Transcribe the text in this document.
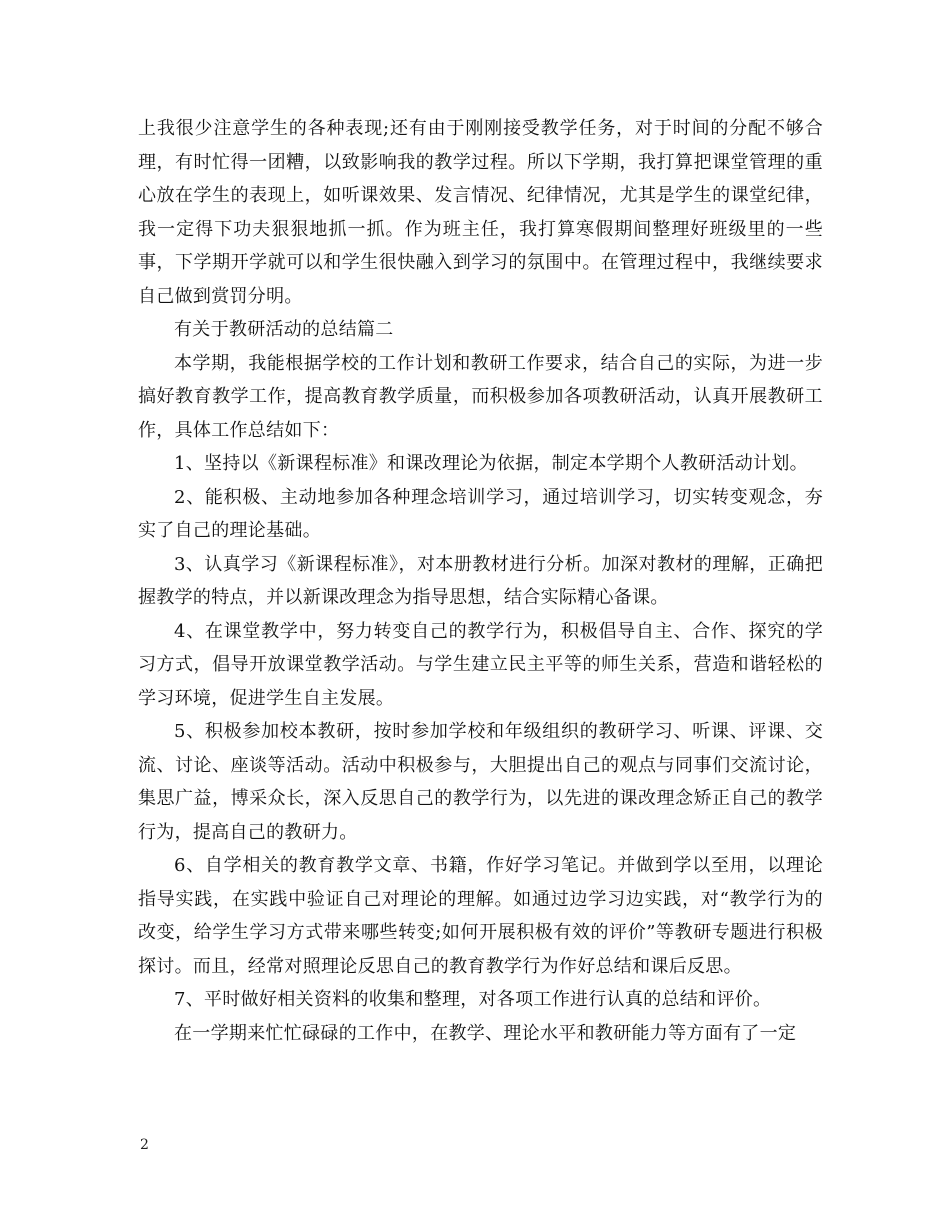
上我很少注意学生的各种表现;还有由于刚刚接受教学任务，对于时间的分配不够合理，有时忙得一团糟，以致影响我的教学过程。所以下学期，我打算把课堂管理的重心放在学生的表现上，如听课效果、发言情况、纪律情况，尤其是学生的课堂纪律，我一定得下功夫狠狠地抓一抓。作为班主任，我打算寒假期间整理好班级里的一些事，下学期开学就可以和学生很快融入到学习的氛围中。在管理过程中，我继续要求自己做到赏罚分明。

有关于教研活动的总结篇二

本学期，我能根据学校的工作计划和教研工作要求，结合自己的实际，为进一步搞好教育教学工作，提高教育教学质量，而积极参加各项教研活动，认真开展教研工作，具体工作总结如下：

1、坚持以《新课程标准》和课改理论为依据，制定本学期个人教研活动计划。

2、能积极、主动地参加各种理念培训学习，通过培训学习，切实转变观念，夯实了自己的理论基础。

3、认真学习《新课程标准》，对本册教材进行分析。加深对教材的理解，正确把握教学的特点，并以新课改理念为指导思想，结合实际精心备课。

4、在课堂教学中，努力转变自己的教学行为，积极倡导自主、合作、探究的学习方式，倡导开放课堂教学活动。与学生建立民主平等的师生关系，营造和谐轻松的学习环境，促进学生自主发展。

5、积极参加校本教研，按时参加学校和年级组织的教研学习、听课、评课、交流、讨论、座谈等活动。活动中积极参与，大胆提出自己的观点与同事们交流讨论，集思广益，博采众长，深入反思自己的教学行为，以先进的课改理念矫正自己的教学行为，提高自己的教研力。

6、自学相关的教育教学文章、书籍，作好学习笔记。并做到学以至用，以理论指导实践，在实践中验证自己对理论的理解。如通过边学习边实践，对“教学行为的改变，给学生学习方式带来哪些转变;如何开展积极有效的评价”等教研专题进行积极探讨。而且，经常对照理论反思自己的教育教学行为作好总结和课后反思。

7、平时做好相关资料的收集和整理，对各项工作进行认真的总结和评价。

在一学期来忙忙碌碌的工作中，在教学、理论水平和教研能力等方面有了一定

2
